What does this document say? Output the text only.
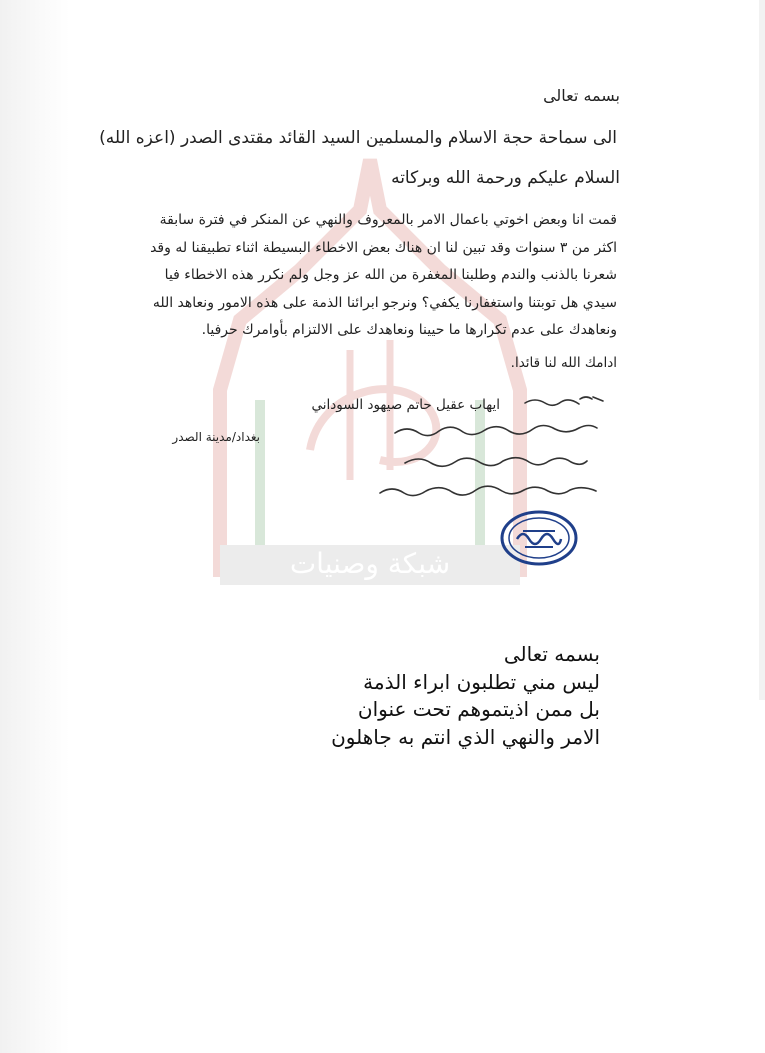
شبكة وصنيات
بسمه تعالى
الى سماحة حجة الاسلام والمسلمين السيد القائد مقتدى الصدر (اعزه الله)
السلام عليكم ورحمة الله وبركاته
قمت انا وبعض اخوتي باعمال الامر بالمعروف والنهي عن المنكر في فترة سابقة
اكثر من ٣ سنوات وقد تبين لنا ان هناك بعض الاخطاء البسيطة اثناء تطبيقنا له وقد
شعرنا بالذنب والندم وطلبنا المغفرة من الله عز وجل ولم نكرر هذه الاخطاء فيا
سيدي هل توبتنا واستغفارنا يكفي؟ ونرجو ابرائنا الذمة على هذه الامور ونعاهد الله
ونعاهدك على عدم تكرارها ما حيينا ونعاهدك على الالتزام بأوامرك حرفيا.
ادامك الله لنا قائدا.
ايهاب عقيل حاتم صيهود السوداني
بغداد/مدينة الصدر
بسمه تعالى
ليس مني تطلبون ابراء الذمة
بل ممن اذيتموهم تحت عنوان
الامر والنهي الذي انتم به جاهلون
